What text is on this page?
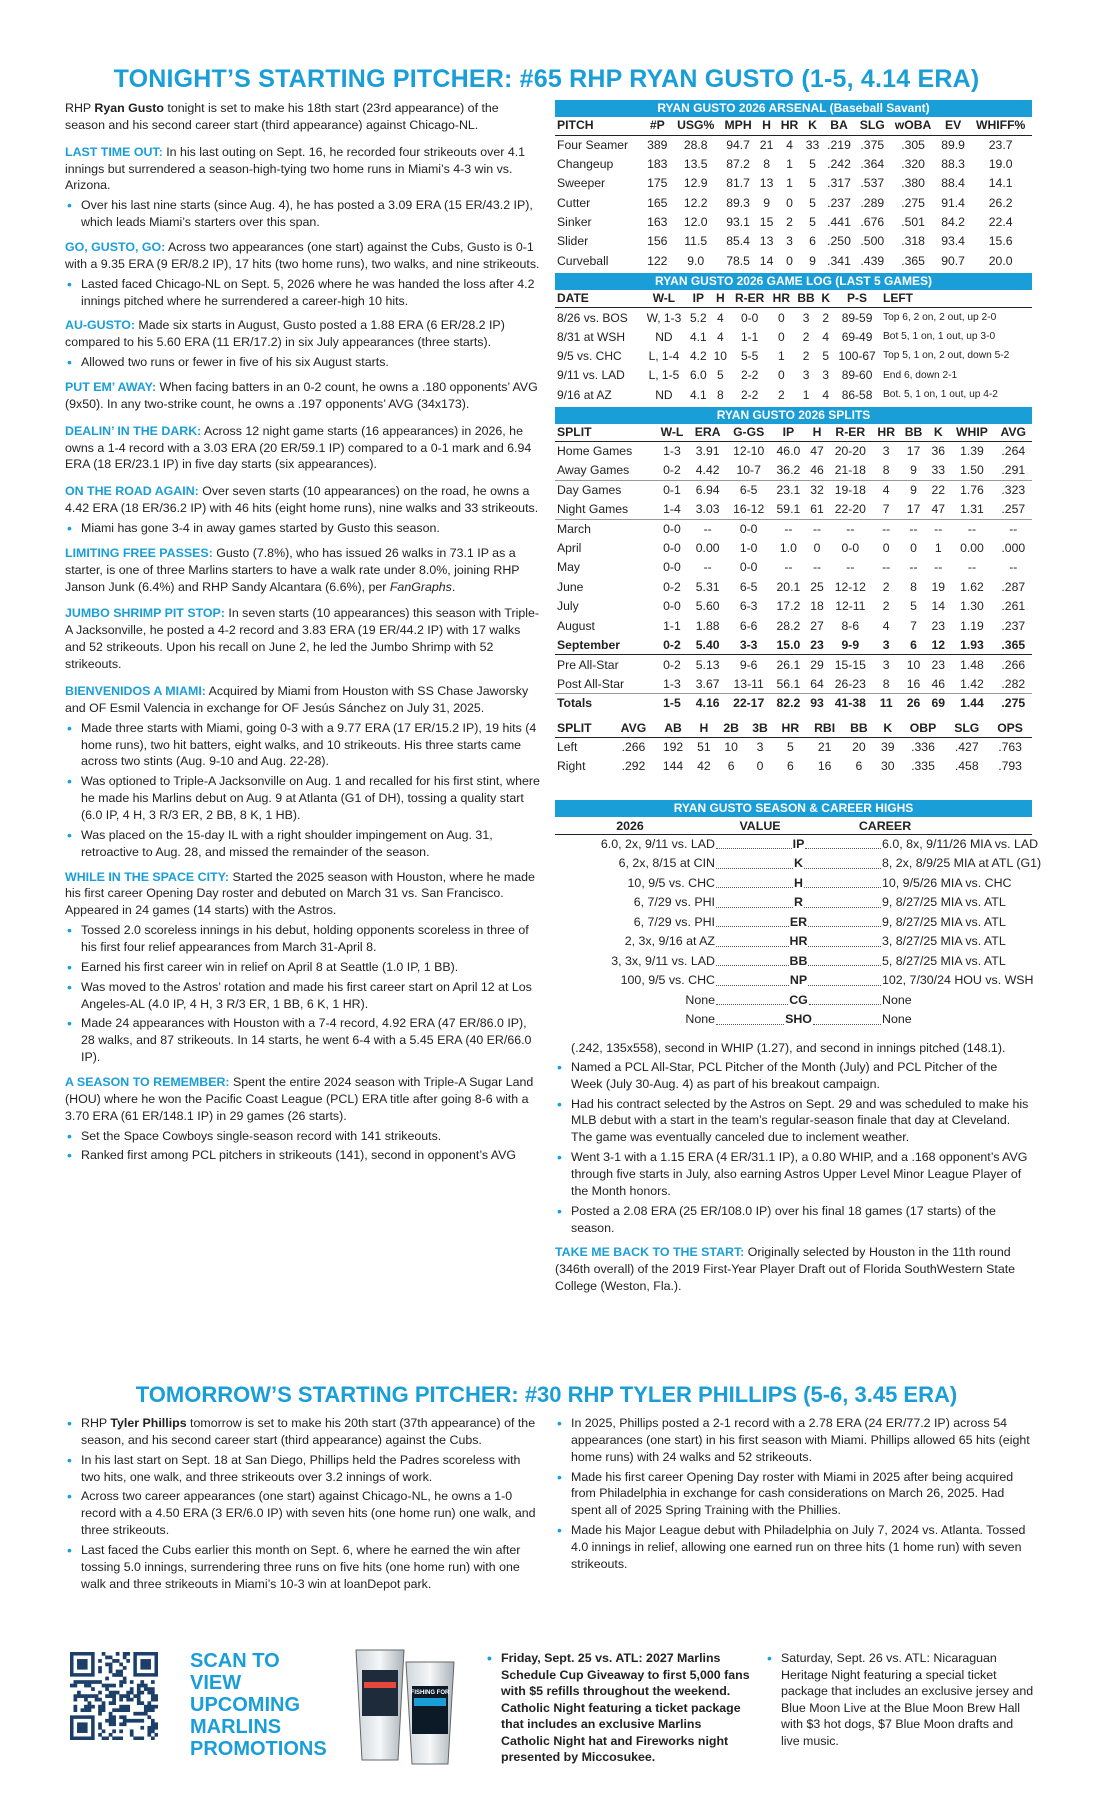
TONIGHT’S STARTING PITCHER: #65 RHP RYAN GUSTO (1-5, 4.14 ERA)

RHP Ryan Gusto tonight is set to make his 18th start (23rd appearance) of the season and his second career start (third appearance) against Chicago-NL.

LAST TIME OUT: In his last outing on Sept. 16, he recorded four strikeouts over 4.1 innings but surrendered a season-high-tying two home runs in Miami’s 4-3 win vs. Arizona.

• Over his last nine starts (since Aug. 4), he has posted a 3.09 ERA (15 ER/43.2 IP), which leads Miami’s starters over this span.

GO, GUSTO, GO: Across two appearances (one start) against the Cubs, Gusto is 0-1 with a 9.35 ERA (9 ER/8.2 IP), 17 hits (two home runs), two walks, and nine strikeouts.

• Lasted faced Chicago-NL on Sept. 5, 2026 where he was handed the loss after 4.2 innings pitched where he surrendered a career-high 10 hits.

AU-GUSTO: Made six starts in August, Gusto posted a 1.88 ERA (6 ER/28.2 IP) compared to his 5.60 ERA (11 ER/17.2) in six July appearances (three starts).

• Allowed two runs or fewer in five of his six August starts.

PUT EM’ AWAY: When facing batters in an 0-2 count, he owns a .180 opponents’ AVG (9x50). In any two-strike count, he owns a .197 opponents’ AVG (34x173).

DEALIN’ IN THE DARK: Across 12 night game starts (16 appearances) in 2026, he owns a 1-4 record with a 3.03 ERA (20 ER/59.1 IP) compared to a 0-1 mark and 6.94 ERA (18 ER/23.1 IP) in five day starts (six appearances).

ON THE ROAD AGAIN: Over seven starts (10 appearances) on the road, he owns a 4.42 ERA (18 ER/36.2 IP) with 46 hits (eight home runs), nine walks and 33 strikeouts.

• Miami has gone 3-4 in away games started by Gusto this season.

LIMITING FREE PASSES: Gusto (7.8%), who has issued 26 walks in 73.1 IP as a starter, is one of three Marlins starters to have a walk rate under 8.0%, joining RHP Janson Junk (6.4%) and RHP Sandy Alcantara (6.6%), per FanGraphs.

JUMBO SHRIMP PIT STOP: In seven starts (10 appearances) this season with Triple-A Jacksonville, he posted a 4-2 record and 3.83 ERA (19 ER/44.2 IP) with 17 walks and 52 strikeouts. Upon his recall on June 2, he led the Jumbo Shrimp with 52 strikeouts.

BIENVENIDOS A MIAMI: Acquired by Miami from Houston with SS Chase Jaworsky and OF Esmil Valencia in exchange for OF Jesús Sánchez on July 31, 2025.

• Made three starts with Miami, going 0-3 with a 9.77 ERA (17 ER/15.2 IP), 19 hits (4 home runs), two hit batters, eight walks, and 10 strikeouts. His three starts came across two stints (Aug. 9-10 and Aug. 22-28).
• Was optioned to Triple-A Jacksonville on Aug. 1 and recalled for his first stint, where he made his Marlins debut on Aug. 9 at Atlanta (G1 of DH), tossing a quality start (6.0 IP, 4 H, 3 R/3 ER, 2 BB, 8 K, 1 HB).
• Was placed on the 15-day IL with a right shoulder impingement on Aug. 31, retroactive to Aug. 28, and missed the remainder of the season.

WHILE IN THE SPACE CITY: Started the 2025 season with Houston, where he made his first career Opening Day roster and debuted on March 31 vs. San Francisco. Appeared in 24 games (14 starts) with the Astros.

• Tossed 2.0 scoreless innings in his debut, holding opponents scoreless in three of his first four relief appearances from March 31-April 8.
• Earned his first career win in relief on April 8 at Seattle (1.0 IP, 1 BB).
• Was moved to the Astros’ rotation and made his first career start on April 12 at Los Angeles-AL (4.0 IP, 4 H, 3 R/3 ER, 1 BB, 6 K, 1 HR).
• Made 24 appearances with Houston with a 7-4 record, 4.92 ERA (47 ER/86.0 IP), 28 walks, and 87 strikeouts. In 14 starts, he went 6-4 with a 5.45 ERA (40 ER/66.0 IP).

A SEASON TO REMEMBER: Spent the entire 2024 season with Triple-A Sugar Land (HOU) where he won the Pacific Coast League (PCL) ERA title after going 8-6 with a 3.70 ERA (61 ER/148.1 IP) in 29 games (26 starts).

• Set the Space Cowboys single-season record with 141 strikeouts.
• Ranked first among PCL pitchers in strikeouts (141), second in opponent’s AVG
RYAN GUSTO 2026 ARSENAL (Baseball Savant)
PITCH	#P	USG%	MPH	H	HR	K	BA	SLG	wOBA	EV	WHIFF%
Four Seamer	389	28.8	94.7	21	4	33	.219	.375	.305	89.9	23.7
Changeup	183	13.5	87.2	8	1	5	.242	.364	.320	88.3	19.0
Sweeper	175	12.9	81.7	13	1	5	.317	.537	.380	88.4	14.1
Cutter	165	12.2	89.3	9	0	5	.237	.289	.275	91.4	26.2
Sinker	163	12.0	93.1	15	2	5	.441	.676	.501	84.2	22.4
Slider	156	11.5	85.4	13	3	6	.250	.500	.318	93.4	15.6
Curveball	122	9.0	78.5	14	0	9	.341	.439	.365	90.7	20.0
RYAN GUSTO 2026 GAME LOG (LAST 5 GAMES)
DATE	W-L	IP	H	R-ER	HR	BB	K	P-S	LEFT
8/26 vs. BOS	W, 1-3	5.2	4	0-0	0	3	2	89-59	Top 6, 2 on, 2 out, up 2-0
8/31 at WSH	ND	4.1	4	1-1	0	2	4	69-49	Bot 5, 1 on, 1 out, up 3-0
9/5 vs. CHC	L, 1-4	4.2	10	5-5	1	2	5	100-67	Top 5, 1 on, 2 out, down 5-2
9/11 vs. LAD	L, 1-5	6.0	5	2-2	0	3	3	89-60	End 6, down 2-1
9/16 at AZ	ND	4.1	8	2-2	2	1	4	86-58	Bot. 5, 1 on, 1 out, up 4-2
RYAN GUSTO 2026 SPLITS
SPLIT	W-L	ERA	G-GS	IP	H	R-ER	HR	BB	K	WHIP	AVG
Home Games	1-3	3.91	12-10	46.0	47	20-20	3	17	36	1.39	.264
Away Games	0-2	4.42	10-7	36.2	46	21-18	8	9	33	1.50	.291
Day Games	0-1	6.94	6-5	23.1	32	19-18	4	9	22	1.76	.323
Night Games	1-4	3.03	16-12	59.1	61	22-20	7	17	47	1.31	.257
March	0-0	--	0-0	--	--	--	--	--	--	--	--
April	0-0	0.00	1-0	1.0	0	0-0	0	0	1	0.00	.000
May	0-0	--	0-0	--	--	--	--	--	--	--	--
June	0-2	5.31	6-5	20.1	25	12-12	2	8	19	1.62	.287
July	0-0	5.60	6-3	17.2	18	12-11	2	5	14	1.30	.261
August	1-1	1.88	6-6	28.2	27	8-6	4	7	23	1.19	.237
September	0-2	5.40	3-3	15.0	23	9-9	3	6	12	1.93	.365
Pre All-Star	0-2	5.13	9-6	26.1	29	15-15	3	10	23	1.48	.266
Post All-Star	1-3	3.67	13-11	56.1	64	26-23	8	16	46	1.42	.282
Totals	1-5	4.16	22-17	82.2	93	41-38	11	26	69	1.44	.275
SPLIT	AVG	AB	H	2B	3B	HR	RBI	BB	K	OBP	SLG	OPS
Left	.266	192	51	10	3	5	21	20	39	.336	.427	.763
Right	.292	144	42	6	0	6	16	6	30	.335	.458	.793
RYAN GUSTO SEASON & CAREER HIGHS
2026	VALUE	CAREER
6.0, 2x, 9/11 vs. LAD	IP	6.0, 8x, 9/11/26 MIA vs. LAD
6, 2x, 8/15 at CIN	K	8, 2x, 8/9/25 MIA at ATL (G1)
10, 9/5 vs. CHC	H	10, 9/5/26 MIA vs. CHC
6, 7/29 vs. PHI	R	9, 8/27/25 MIA vs. ATL
6, 7/29 vs. PHI	ER	9, 8/27/25 MIA vs. ATL
2, 3x, 9/16 at AZ	HR	3, 8/27/25 MIA vs. ATL
3, 3x, 9/11 vs. LAD	BB	5, 8/27/25 MIA vs. ATL
100, 9/5 vs. CHC	NP	102, 7/30/24 HOU vs. WSH
None	CG	None
None	SHO	None

(.242, 135x558), second in WHIP (1.27), and second in innings pitched (148.1).

• Named a PCL All-Star, PCL Pitcher of the Month (July) and PCL Pitcher of the Week (July 30-Aug. 4) as part of his breakout campaign.
• Had his contract selected by the Astros on Sept. 29 and was scheduled to make his MLB debut with a start in the team’s regular-season finale that day at Cleveland. The game was eventually canceled due to inclement weather.
• Went 3-1 with a 1.15 ERA (4 ER/31.1 IP), a 0.80 WHIP, and a .168 opponent’s AVG through five starts in July, also earning Astros Upper Level Minor League Player of the Month honors.
• Posted a 2.08 ERA (25 ER/108.0 IP) over his final 18 games (17 starts) of the season.

TAKE ME BACK TO THE START: Originally selected by Houston in the 11th round (346th overall) of the 2019 First-Year Player Draft out of Florida SouthWestern State College (Weston, Fla.).

TOMORROW’S STARTING PITCHER: #30 RHP TYLER PHILLIPS (5-6, 3.45 ERA)
• RHP Tyler Phillips tomorrow is set to make his 20th start (37th appearance) of the season, and his second career start (third appearance) against the Cubs.
• In his last start on Sept. 18 at San Diego, Phillips held the Padres scoreless with two hits, one walk, and three strikeouts over 3.2 innings of work.
• Across two career appearances (one start) against Chicago-NL, he owns a 1-0 record with a 4.50 ERA (3 ER/6.0 IP) with seven hits (one home run) one walk, and three strikeouts.
• Last faced the Cubs earlier this month on Sept. 6, where he earned the win after tossing 5.0 innings, surrendering three runs on five hits (one home run) with one walk and three strikeouts in Miami’s 10-3 win at loanDepot park.
• In 2025, Phillips posted a 2-1 record with a 2.78 ERA (24 ER/77.2 IP) across 54 appearances (one start) in his first season with Miami. Phillips allowed 65 hits (eight home runs) with 24 walks and 52 strikeouts.
• Made his first career Opening Day roster with Miami in 2025 after being acquired from Philadelphia in exchange for cash considerations on March 26, 2025. Had spent all of 2025 Spring Training with the Phillies.
• Made his Major League debut with Philadelphia on July 7, 2024 vs. Atlanta. Tossed 4.0 innings in relief, allowing one earned run on three hits (1 home run) with seven strikeouts.
SCAN TO VIEW
UPCOMING
MARLINS
PROMOTIONS
FISHING FOR
• Friday, Sept. 25 vs. ATL: 2027 Marlins Schedule Cup Giveaway to first 5,000 fans with $5 refills throughout the weekend. Catholic Night featuring a ticket package that includes an exclusive Marlins Catholic Night hat and Fireworks night presented by Miccosukee.
• Saturday, Sept. 26 vs. ATL: Nicaraguan Heritage Night featuring a special ticket package that includes an exclusive jersey and Blue Moon Live at the Blue Moon Brew Hall with $3 hot dogs, $7 Blue Moon drafts and live music.
